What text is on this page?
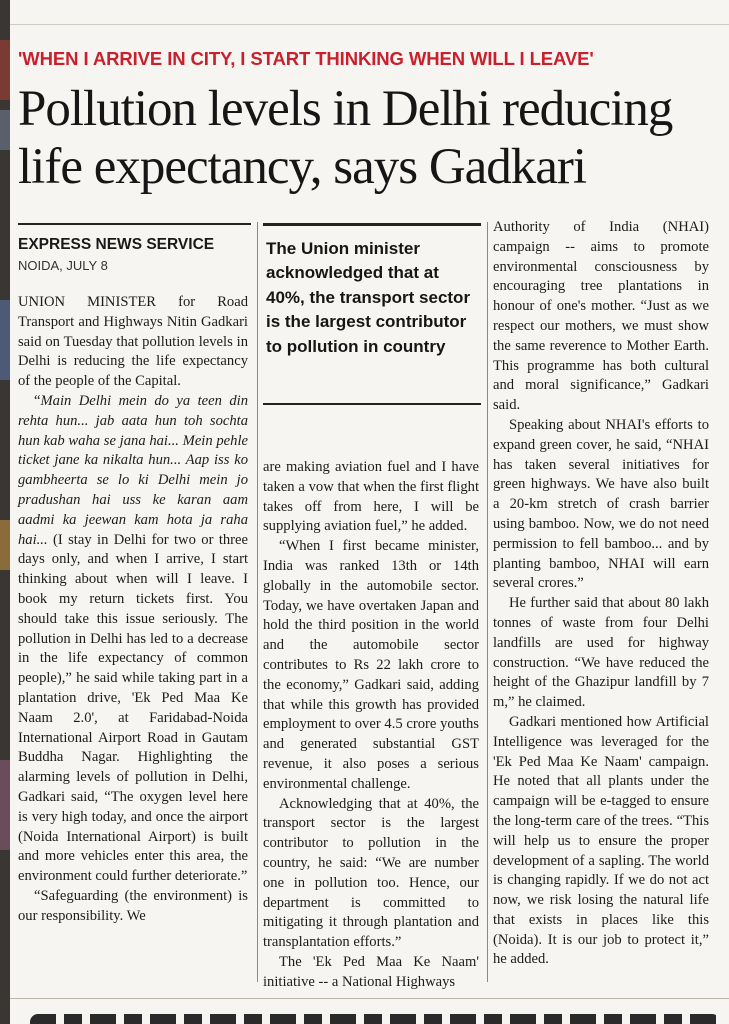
'WHEN I ARRIVE IN CITY, I START THINKING WHEN WILL I LEAVE'
Pollution levels in Delhi reducing life expectancy, says Gadkari
EXPRESS NEWS SERVICE
NOIDA, JULY 8
The Union minister acknowledged that at 40%, the transport sector is the largest contributor to pollution in country

UNION MINISTER for Road Transport and Highways Nitin Gadkari said on Tuesday that pollution levels in Delhi is reducing the life expectancy of the people of the Capital.

“Main Delhi mein do ya teen din rehta hun... jab aata hun toh sochta hun kab waha se jana hai... Mein pehle ticket jane ka nikalta hun... Aap iss ko gambheerta se lo ki Delhi mein jo pradushan hai uss ke karan aam aadmi ka jeewan kam hota ja raha hai... (I stay in Delhi for two or three days only, and when I arrive, I start thinking about when will I leave. I book my return tickets first. You should take this issue seriously. The pollution in Delhi has led to a decrease in the life expectancy of common people),” he said while taking part in a plantation drive, 'Ek Ped Maa Ke Naam 2.0', at Faridabad-Noida International Airport Road in Gautam Buddha Nagar. Highlighting the alarming levels of pollution in Delhi, Gadkari said, “The oxygen level here is very high today, and once the airport (Noida International Airport) is built and more vehicles enter this area, the environment could further deteriorate.”

“Safeguarding (the environment) is our responsibility. We

are making aviation fuel and I have taken a vow that when the first flight takes off from here, I will be supplying aviation fuel,” he added.

“When I first became minister, India was ranked 13th or 14th globally in the automobile sector. Today, we have overtaken Japan and hold the third position in the world and the automobile sector contributes to Rs 22 lakh crore to the economy,” Gadkari said, adding that while this growth has provided employment to over 4.5 crore youths and generated substantial GST revenue, it also poses a serious environmental challenge.

Acknowledging that at 40%, the transport sector is the largest contributor to pollution in the country, he said: “We are number one in pollution too. Hence, our department is committed to mitigating it through plantation and transplantation efforts.”

The 'Ek Ped Maa Ke Naam' initiative -- a National Highways

Authority of India (NHAI) campaign -- aims to promote environmental consciousness by encouraging tree plantations in honour of one's mother. “Just as we respect our mothers, we must show the same reverence to Mother Earth. This programme has both cultural and moral significance,” Gadkari said.

Speaking about NHAI's efforts to expand green cover, he said, “NHAI has taken several initiatives for green highways. We have also built a 20-km stretch of crash barrier using bamboo. Now, we do not need permission to fell bamboo... and by planting bamboo, NHAI will earn several crores.”

He further said that about 80 lakh tonnes of waste from four Delhi landfills are used for highway construction. “We have reduced the height of the Ghazipur landfill by 7 m,” he claimed.

Gadkari mentioned how Artificial Intelligence was leveraged for the 'Ek Ped Maa Ke Naam' campaign. He noted that all plants under the campaign will be e-tagged to ensure the long-term care of the trees. “This will help us to ensure the proper development of a sapling. The world is changing rapidly. If we do not act now, we risk losing the natural life that exists in places like this (Noida). It is our job to protect it,” he added.
